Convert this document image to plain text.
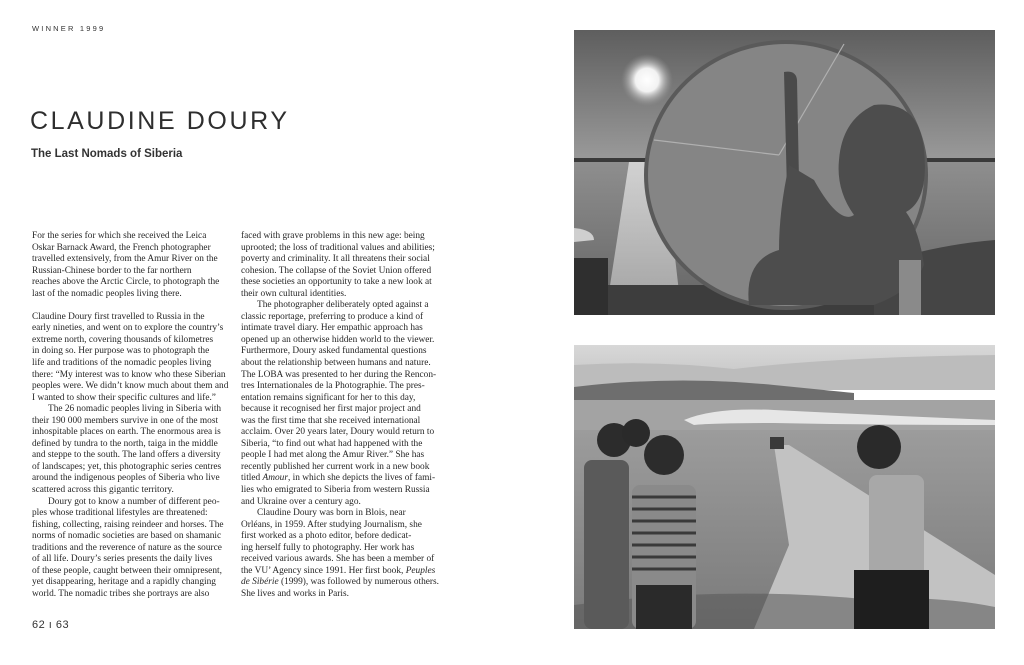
WINNER 1999
CLAUDINE DOURY
The Last Nomads of Siberia

For the series for which she received the Leica

Oskar Barnack Award, the French photographer

travelled extensively, from the Amur River on the

Russian-Chinese border to the far northern

reaches above the Arctic Circle, to photograph the

last of the nomadic peoples living there.

Claudine Doury first travelled to Russia in the

early nineties, and went on to explore the country’s

extreme north, covering thousands of kilometres

in doing so. Her purpose was to photograph the

life and traditions of the nomadic peoples living

there: “My interest was to know who these Siberian

peoples were. We didn’t know much about them and

I wanted to show their specific cultures and life.”

The 26 nomadic peoples living in Siberia with

their 190 000 members survive in one of the most

inhospitable places on earth. The enormous area is

defined by tundra to the north, taiga in the middle

and steppe to the south. The land offers a diversity

of landscapes; yet, this photographic series centres

around the indigenous peoples of Siberia who live

scattered across this gigantic territory.

Doury got to know a number of different peo-

ples whose traditional lifestyles are threatened:

fishing, collecting, raising reindeer and horses. The

norms of nomadic societies are based on shamanic

traditions and the reverence of nature as the source

of all life. Doury’s series presents the daily lives

of these people, caught between their omnipresent,

yet disappearing, heritage and a rapidly changing

world. The nomadic tribes she portrays are also

faced with grave problems in this new age: being

uprooted; the loss of traditional values and abilities;

poverty and criminality. It all threatens their social

cohesion. The collapse of the Soviet Union offered

these societies an opportunity to take a new look at

their own cultural identities.

The photographer deliberately opted against a

classic reportage, preferring to produce a kind of

intimate travel diary. Her empathic approach has

opened up an otherwise hidden world to the viewer.

Furthermore, Doury asked fundamental questions

about the relationship between humans and nature.

The LOBA was presented to her during the Rencon-

tres Internationales de la Photographie. The pres-

entation remains significant for her to this day,

because it recognised her first major project and

was the first time that she received international

acclaim. Over 20 years later, Doury would return to

Siberia, “to find out what had happened with the

people I had met along the Amur River.” She has

recently published her current work in a new book

titled Amour, in which she depicts the lives of fami-

lies who emigrated to Siberia from western Russia

and Ukraine over a century ago.

Claudine Doury was born in Blois, near

Orléans, in 1959. After studying Journalism, she

first worked as a photo editor, before dedicat-

ing herself fully to photography. Her work has

received various awards. She has been a member of

the VU’ Agency since 1991. Her first book, Peuples

de Sibérie (1999), was followed by numerous others.

She lives and works in Paris.

62 ı 63
